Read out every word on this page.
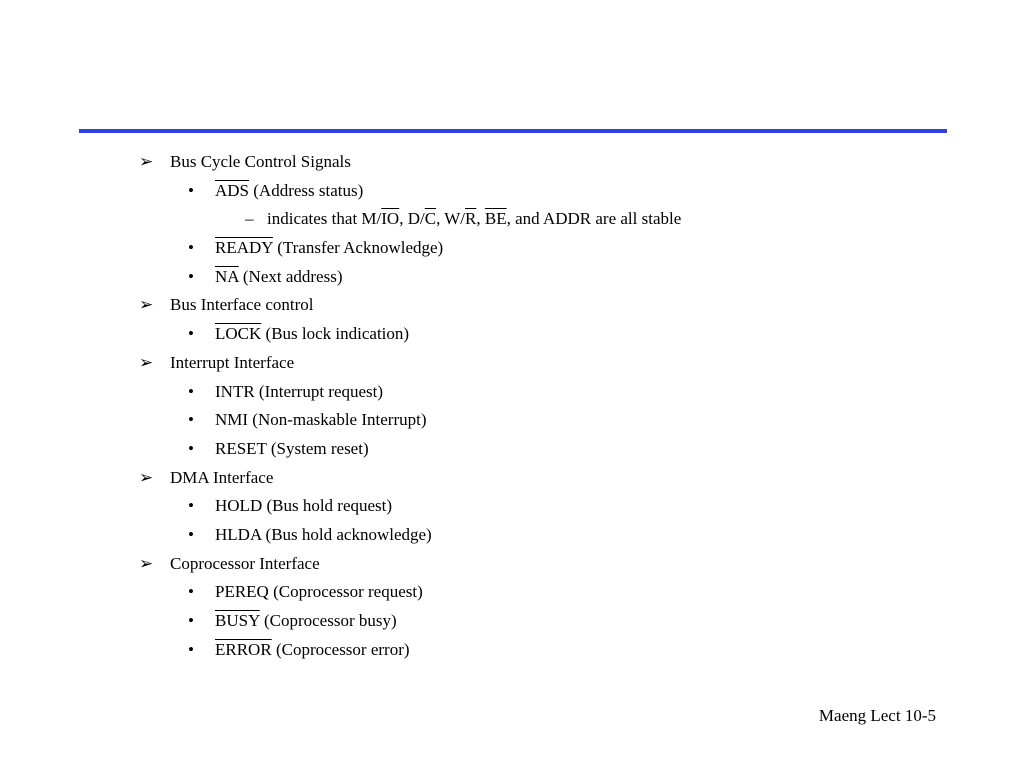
➢ Bus Cycle Control Signals
• $\overline{ADS}$ (Address status)
– indicates that $M/\overline{IO}$, $D/\overline{C}$, $W/\overline{R}$, $\overline{BE}$, and ADDR are all stable
• READY (Transfer Acknowledge)
• $\overline{NA}$ (Next address)
➢ Bus Interface control
• LOCK (Bus lock indication)
➢ Interrupt Interface
• INTR (Interrupt request)
• NMI (Non-maskable Interrupt)
• RESET (System reset)
➢ DMA Interface
• HOLD (Bus hold request)
• HLDA (Bus hold acknowledge)
➢ Coprocessor Interface
• PEREQ (Coprocessor request)
• BUSY (Coprocessor busy)
• ERROR (Coprocessor error)
Maeng Lect 10-5
